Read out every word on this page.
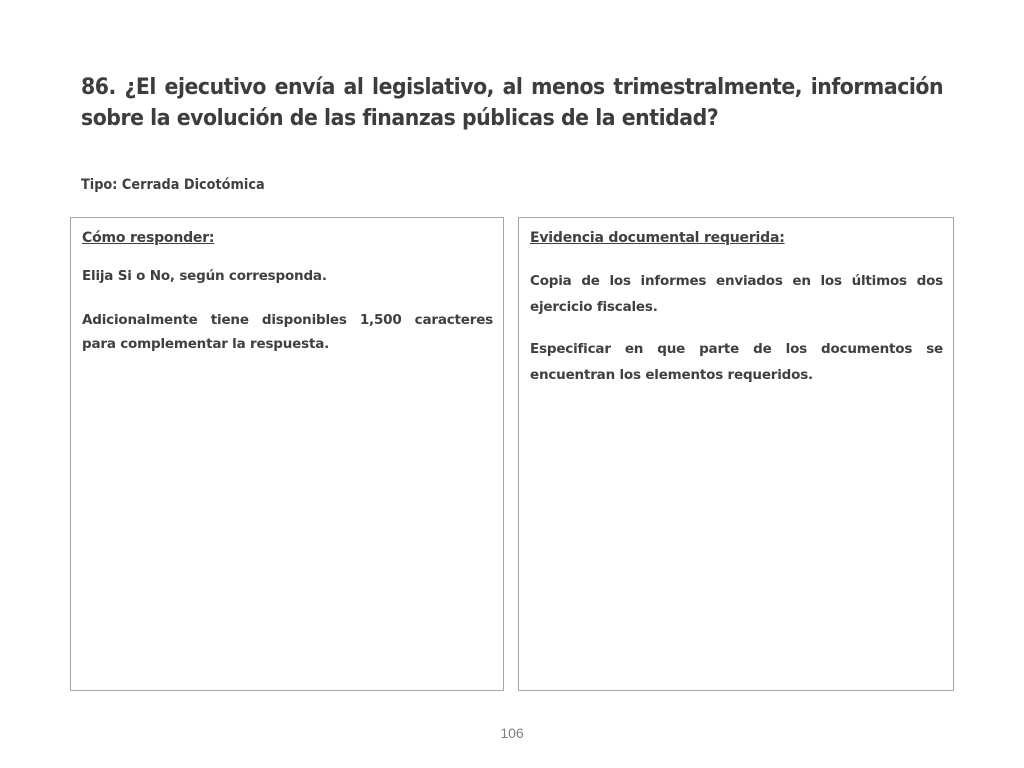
86. ¿El ejecutivo envía al legislativo, al menos trimestralmente, información sobre la evolución de las finanzas públicas de la entidad?
Tipo: Cerrada Dicotómica
Cómo responder:

Elija Si o No, según corresponda.

Adicionalmente tiene disponibles 1,500 caracteres para complementar la respuesta.

Evidencia documental requerida:

Copia de los informes enviados en los últimos dos ejercicio fiscales.

Especificar en que parte de los documentos se encuentran los elementos requeridos.

106
